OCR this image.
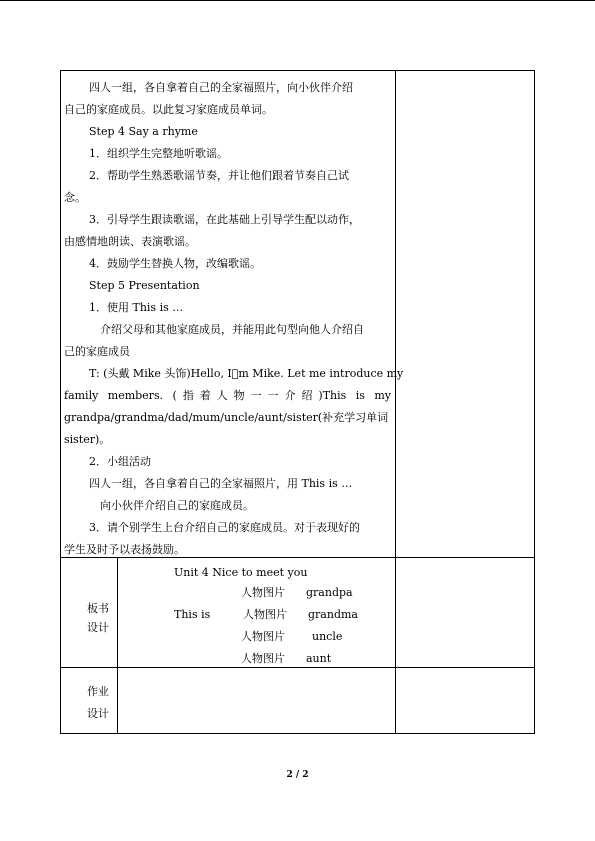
四人一组，各自拿着自己的全家福照片，向小伙伴介绍
自己的家庭成员。以此复习家庭成员单词。
Step 4 Say a rhyme
1．组织学生完整地听歌谣。
2．帮助学生熟悉歌谣节奏，并让他们跟着节奏自己试
念。
3．引导学生跟读歌谣，在此基础上引导学生配以动作，
由感情地朗读、表演歌谣。
4．鼓励学生替换人物，改编歌谣。
Step 5 Presentation
1．使用 This is …
介绍父母和其他家庭成员，并能用此句型向他人介绍自
己的家庭成员
T: (头戴 Mike 头饰)Hello, I m Mike. Let me introduce my
family members. (指着人物一一介绍)This is my
grandpa/grandma/dad/mum/uncle/aunt/sister(补充学习单词
sister)。
2．小组活动
四人一组，各自拿着自己的全家福照片，用 This is …
向小伙伴介绍自己的家庭成员。
3．请个别学生上台介绍自己的家庭成员。对于表现好的
学生及时予以表扬鼓励。
板书
设计
Unit 4 Nice to meet you
This is
人物图片 grandpa
人物图片 grandma
人物图片 uncle
人物图片 aunt
作业
设计
2 / 2
